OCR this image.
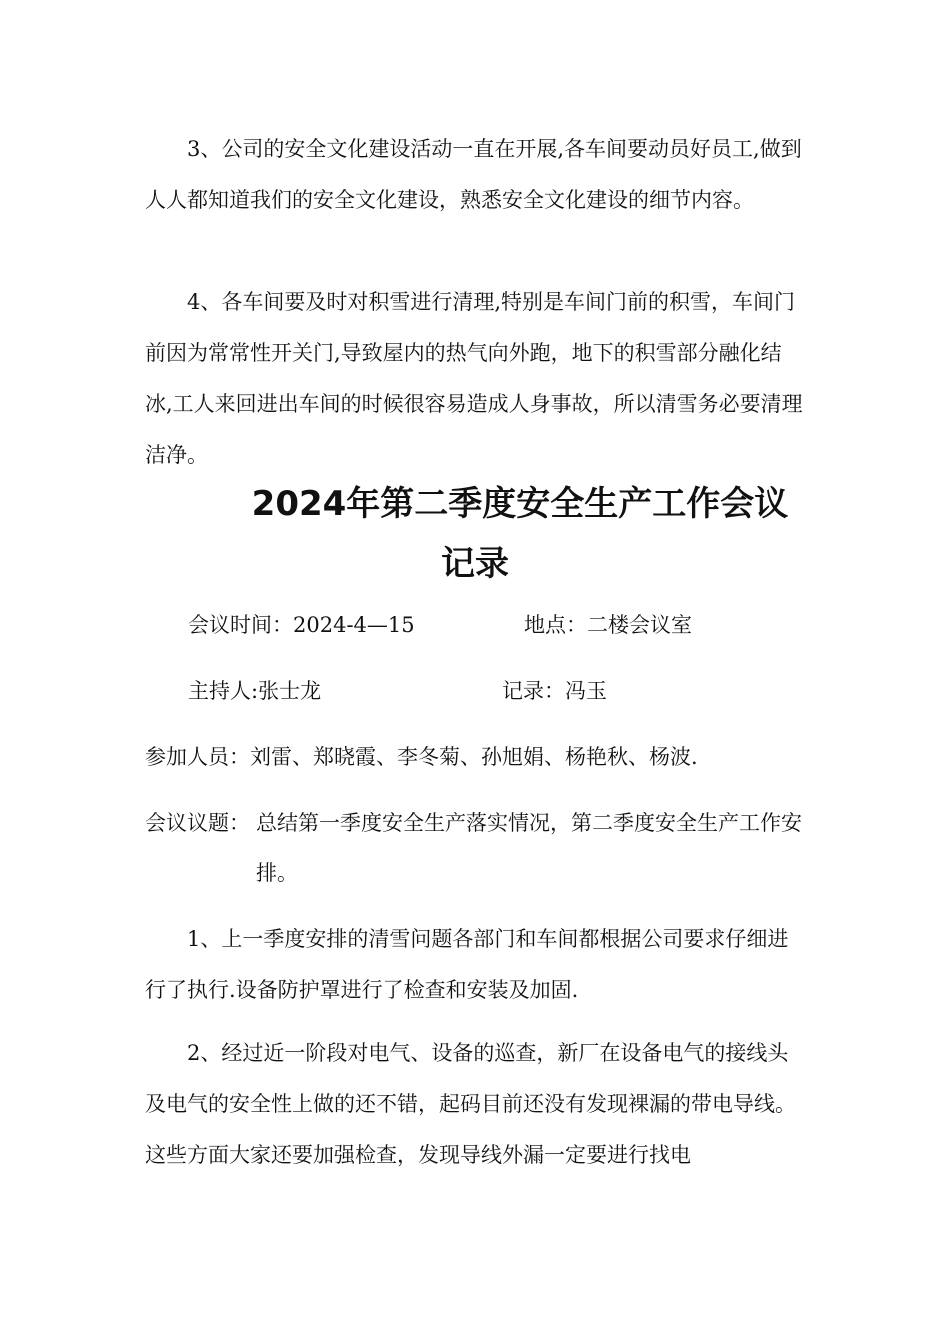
3、公司的安全文化建设活动一直在开展,各车间要动员好员工,做到人人都知道我们的安全文化建设，熟悉安全文化建设的细节内容。

4、各车间要及时对积雪进行清理,特别是车间门前的积雪，车间门前因为常常性开关门,导致屋内的热气向外跑，地下的积雪部分融化结冰,工人来回进出车间的时候很容易造成人身事故，所以清雪务必要清理洁净。

2024年第二季度安全生产工作会议
记录
会议时间：2024-4—15	地点：二楼会议室
主持人:张士龙	记录：冯玉
参加人员：刘雷、郑晓霞、李冬菊、孙旭娟、杨艳秋、杨波.
会议议题： 总结第一季度安全生产落实情况，第二季度安全生产工作安排。

1、上一季度安排的清雪问题各部门和车间都根据公司要求仔细进行了执行.设备防护罩进行了检查和安装及加固.

2、经过近一阶段对电气、设备的巡查，新厂在设备电气的接线头及电气的安全性上做的还不错，起码目前还没有发现裸漏的带电导线。这些方面大家还要加强检查，发现导线外漏一定要进行找电
